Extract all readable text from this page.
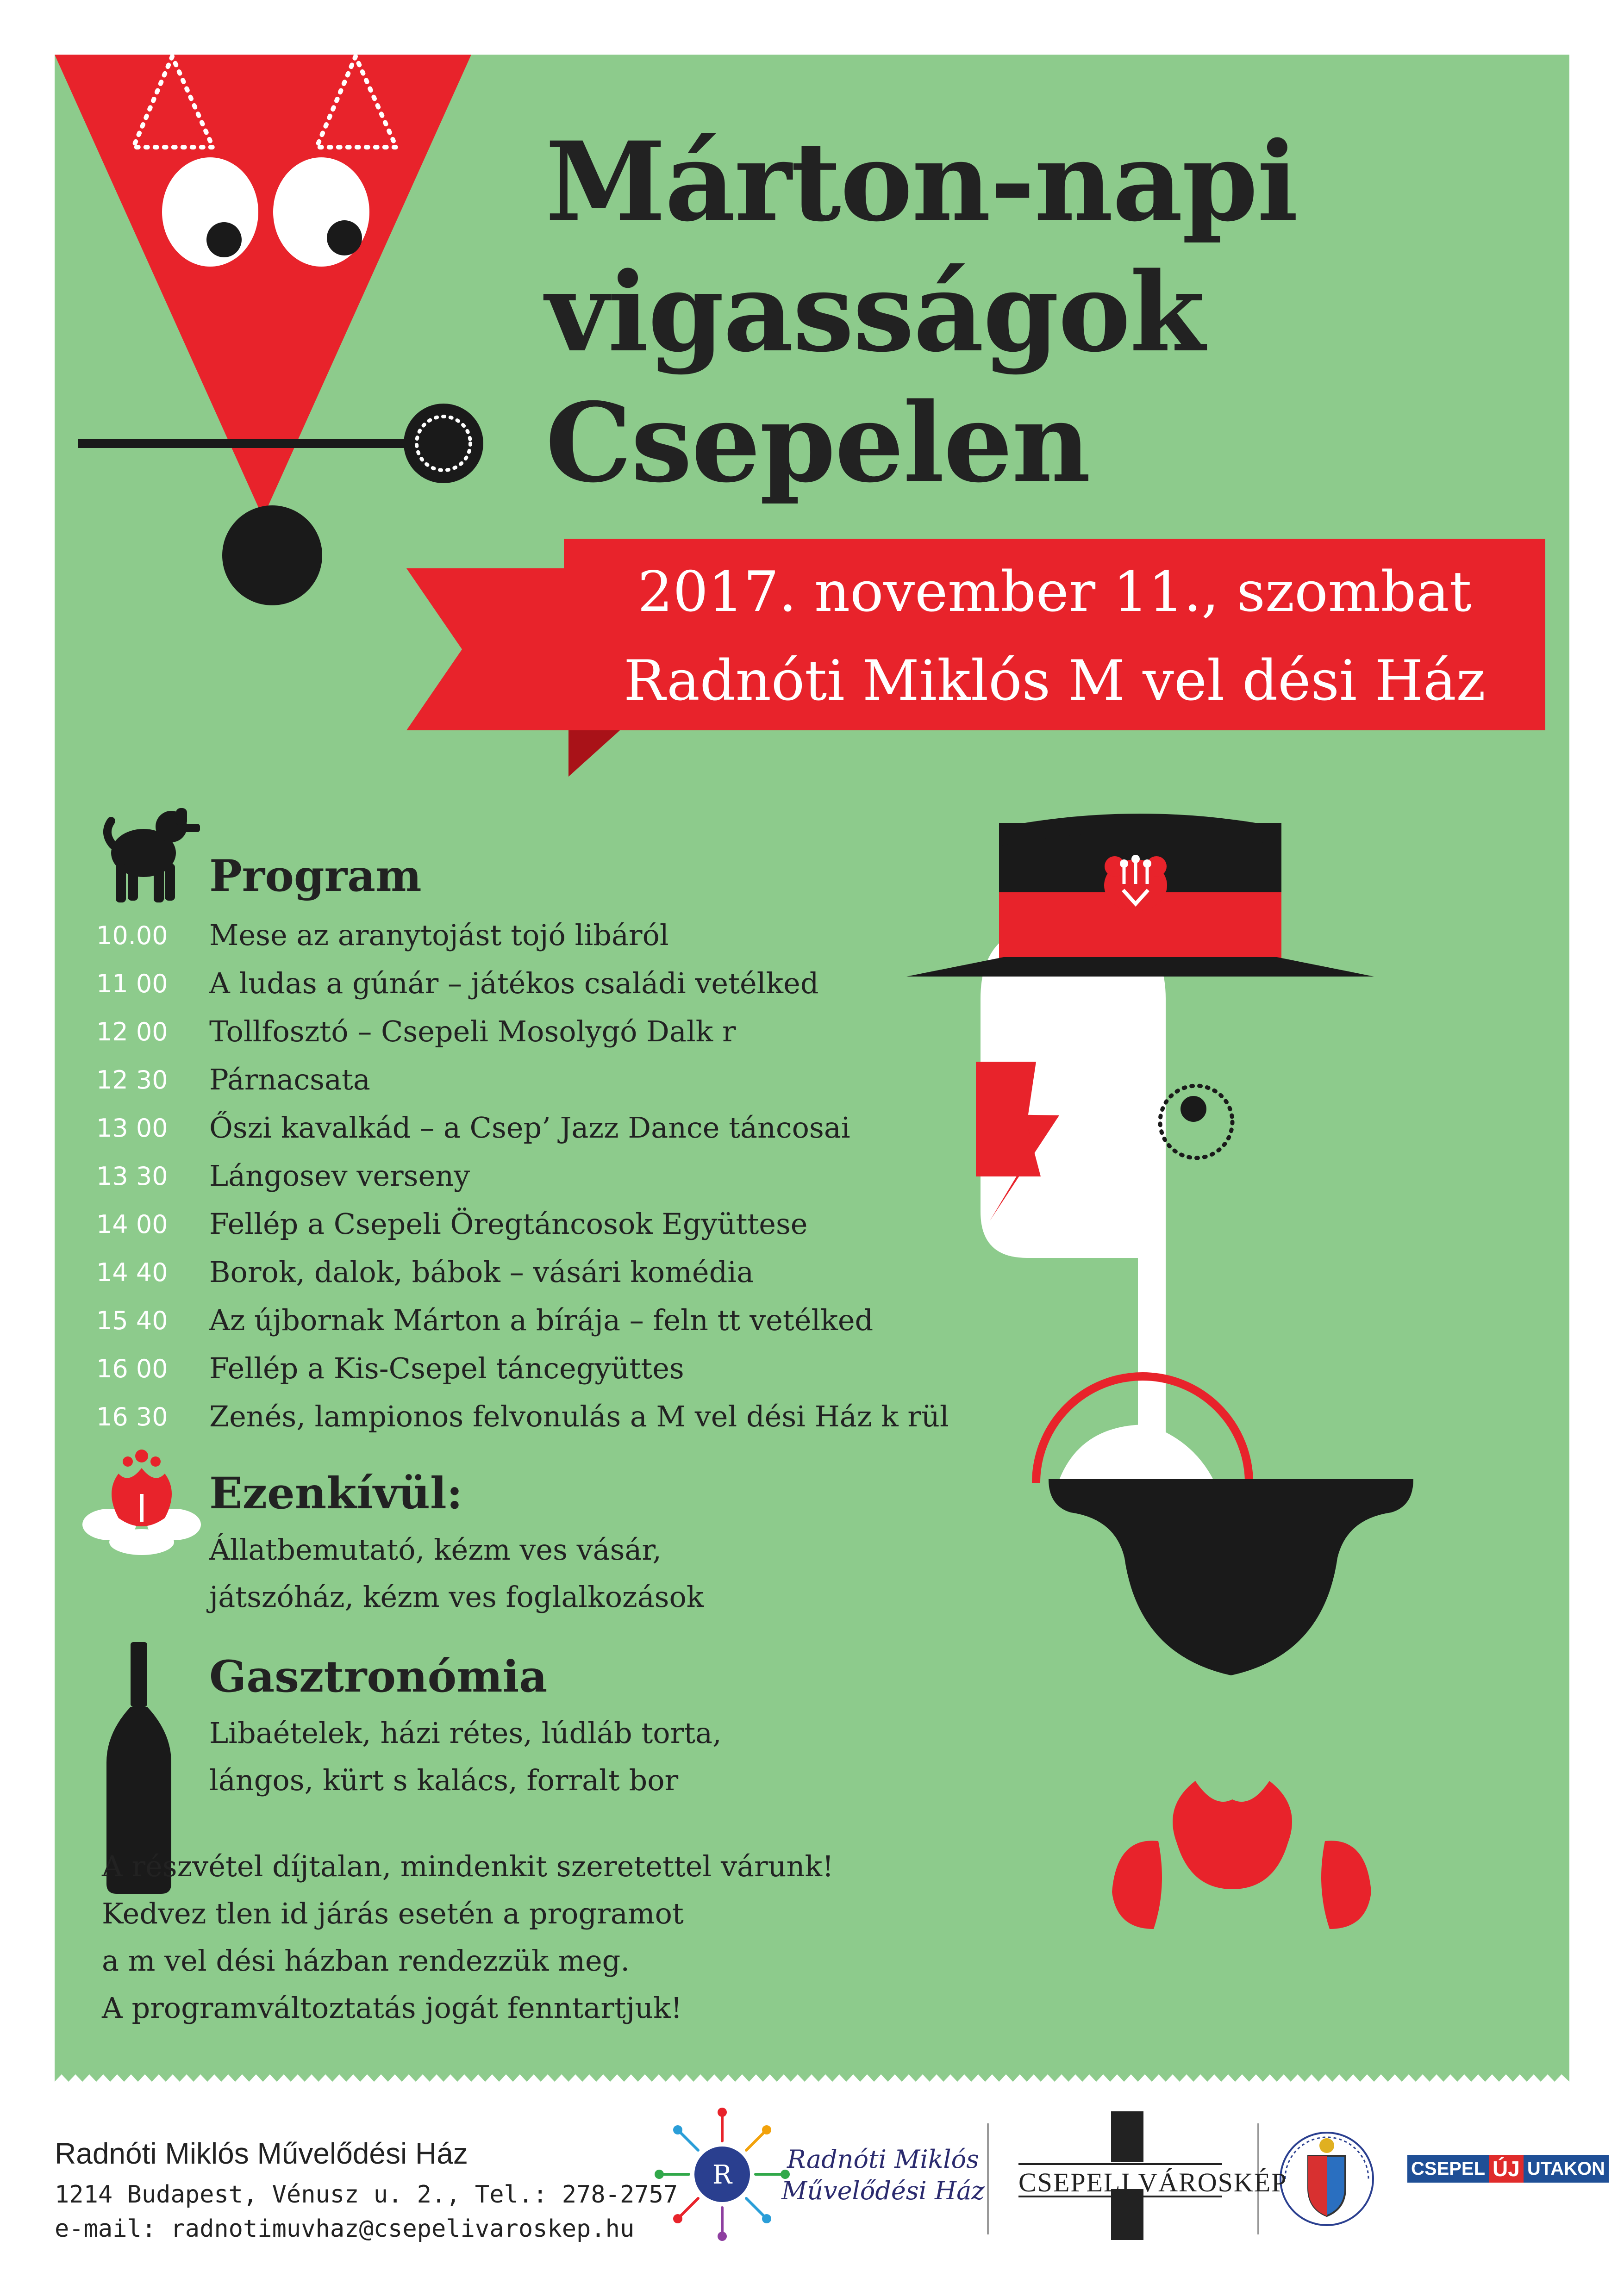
Márton-napi
vigasságok
Csepelen
2017. november 11., szombat
Radnóti Miklós M vel dési Ház
Program
10.00	Mese az aranytojást tojó libáról
11 00	A ludas a gúnár – játékos családi vetélked
12 00	Tollfosztó – Csepeli Mosolygó Dalk r
12 30	Párnacsata
13 00	Őszi kavalkád – a Csep’ Jazz Dance táncosai
13 30	Lángosev verseny
14 00	Fellép a Csepeli Öregtáncosok Együttese
14 40	Borok, dalok, bábok – vásári komédia
15 40	Az újbornak Márton a bírája – feln tt vetélked
16 00	Fellép a Kis-Csepel táncegyüttes
16 30	Zenés, lampionos felvonulás a M vel dési Ház k rül
Ezenkívül:
Állatbemutató, kézm ves vásár,
játszóház, kézm ves foglalkozások
Gasztronómia
Libaételek, házi rétes, lúdláb torta,
lángos, kürt s kalács, forralt bor
A részvétel díjtalan, mindenkit szeretettel várunk!
Kedvez tlen id járás esetén a programot
a m vel dési házban rendezzük meg.
A programváltoztatás jogát fenntartjuk!
Radnóti Miklós Művelődési Ház
1214 Budapest, Vénusz u. 2., Tel.: 278-2757
e-mail: radnotimuvhaz@csepelivaroskep.hu
R
Radnóti Miklós
Művelődési Ház CSEPELI VÁROSKÉP	CSEPEL ÚJ UTAKON
